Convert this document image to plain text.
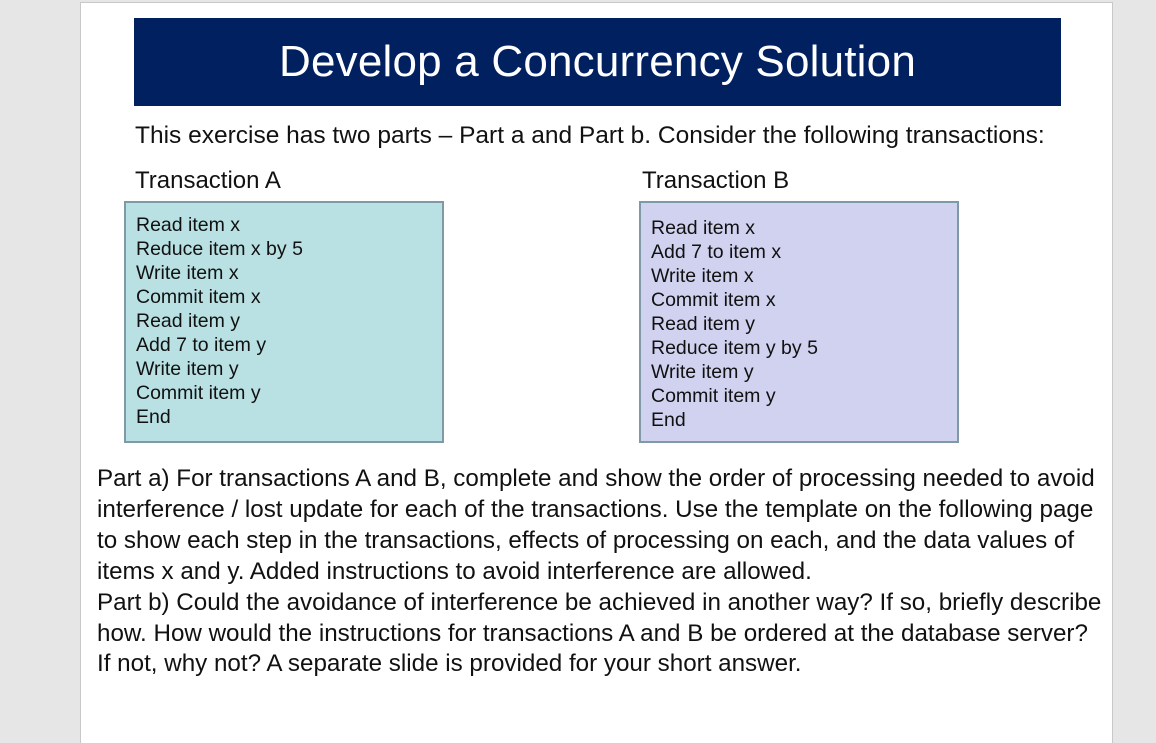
Develop a Concurrency Solution
This exercise has two parts – Part a and Part b. Consider the following transactions:
Transaction A	Transaction B
Read item x
Reduce item x by 5
Write item x
Commit item x
Read item y
Add 7 to item y
Write item y
Commit item y
End
Read item x
Add 7 to item x
Write item x
Commit item x
Read item y
Reduce item y by 5
Write item y
Commit item y
End

Part a) For transactions A and B, complete and show the order of processing needed to avoid interference / lost update for each of the transactions. Use the template on the following page to show each step in the transactions, effects of processing on each, and the data values of items x and y. Added instructions to avoid interference are allowed.

Part b) Could the avoidance of interference be achieved in another way? If so, briefly describe how. How would the instructions for transactions A and B be ordered at the database server? If not, why not? A separate slide is provided for your short answer.
